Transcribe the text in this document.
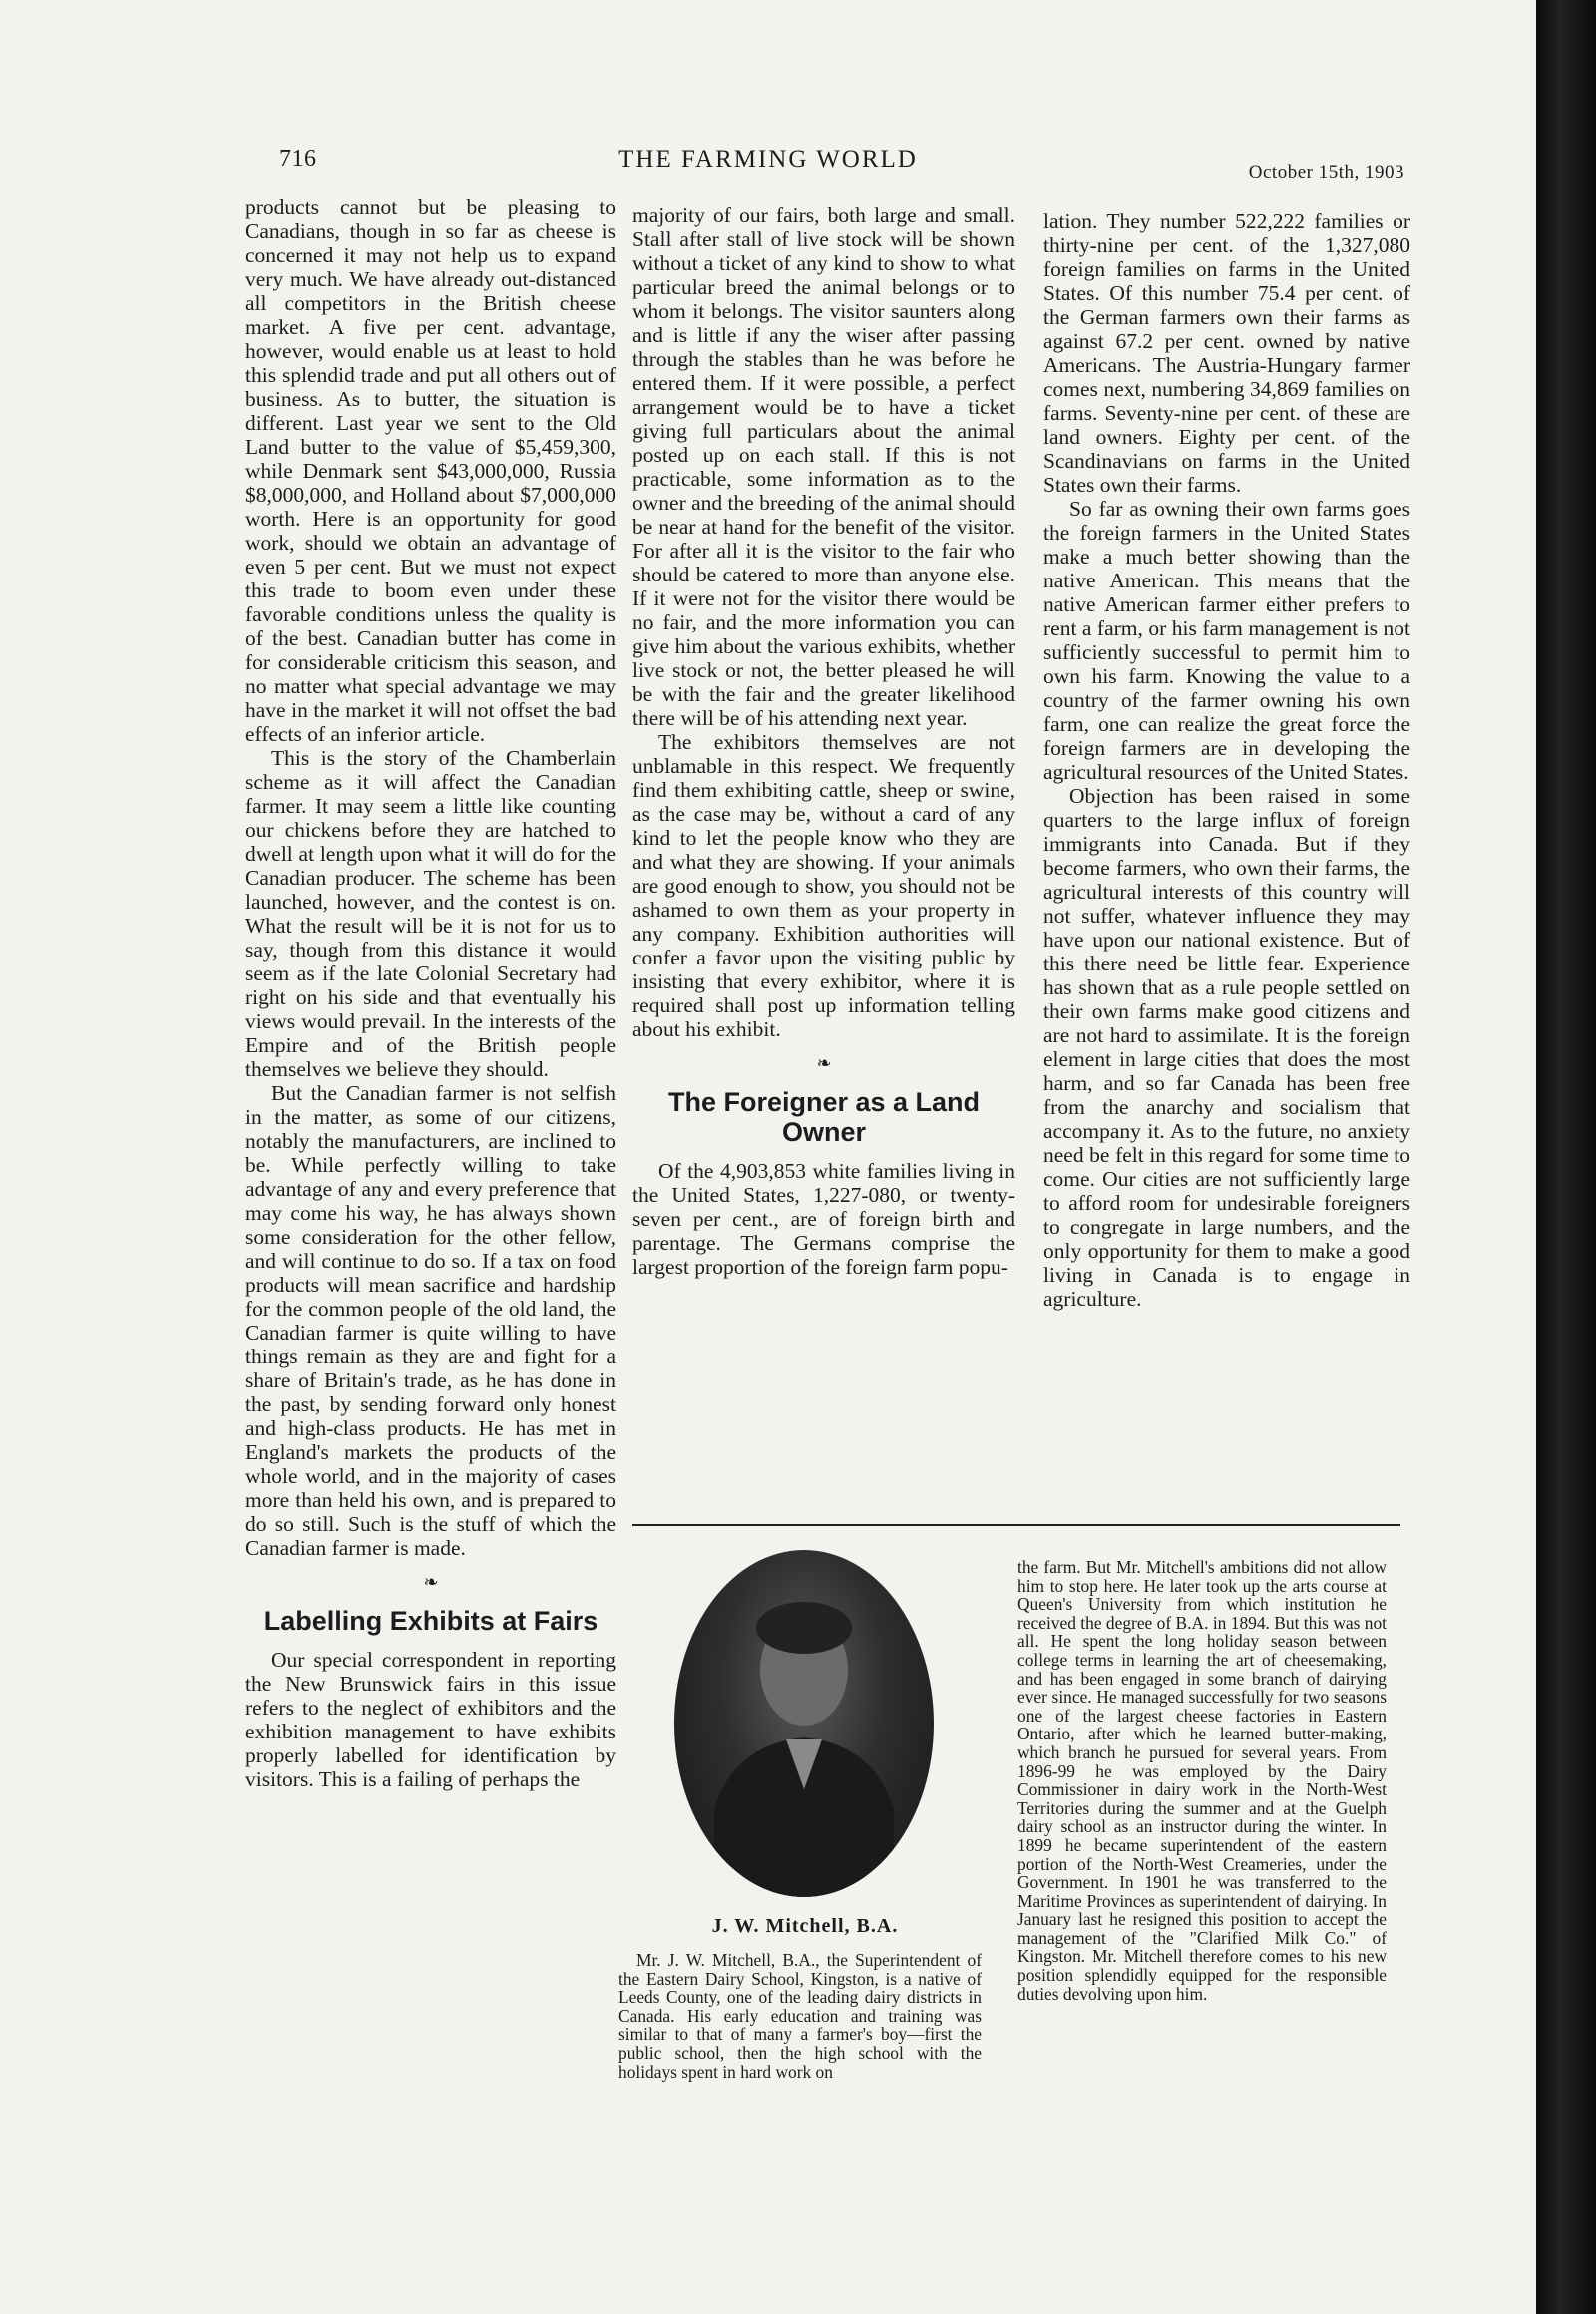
716	THE FARMING WORLD	October 15th, 1903

products cannot but be pleasing to Canadians, though in so far as cheese is concerned it may not help us to expand very much. We have already out-distanced all competitors in the British cheese market. A five per cent. advantage, however, would enable us at least to hold this splendid trade and put all others out of business. As to butter, the situation is different. Last year we sent to the Old Land butter to the value of $5,459,300, while Denmark sent $43,000,000, Russia $8,000,000, and Holland about $7,000,000 worth. Here is an opportunity for good work, should we obtain an advantage of even 5 per cent. But we must not expect this trade to boom even under these favorable conditions unless the quality is of the best. Canadian butter has come in for considerable criticism this season, and no matter what special advantage we may have in the market it will not offset the bad effects of an inferior article.

This is the story of the Chamberlain scheme as it will affect the Canadian farmer. It may seem a little like counting our chickens before they are hatched to dwell at length upon what it will do for the Canadian producer. The scheme has been launched, however, and the contest is on. What the result will be it is not for us to say, though from this distance it would seem as if the late Colonial Secretary had right on his side and that eventually his views would prevail. In the interests of the Empire and of the British people themselves we believe they should.

But the Canadian farmer is not selfish in the matter, as some of our citizens, notably the manufacturers, are inclined to be. While perfectly willing to take advantage of any and every preference that may come his way, he has always shown some consideration for the other fellow, and will continue to do so. If a tax on food products will mean sacrifice and hardship for the common people of the old land, the Canadian farmer is quite willing to have things remain as they are and fight for a share of Britain's trade, as he has done in the past, by sending forward only honest and high-class products. He has met in England's markets the products of the whole world, and in the majority of cases more than held his own, and is prepared to do so still. Such is the stuff of which the Canadian farmer is made.

❧
Labelling Exhibits at Fairs

Our special correspondent in reporting the New Brunswick fairs in this issue refers to the neglect of exhibitors and the exhibition management to have exhibits properly labelled for identification by visitors. This is a failing of perhaps the

majority of our fairs, both large and small. Stall after stall of live stock will be shown without a ticket of any kind to show to what particular breed the animal belongs or to whom it belongs. The visitor saunters along and is little if any the wiser after passing through the stables than he was before he entered them. If it were possible, a perfect arrangement would be to have a ticket giving full particulars about the animal posted up on each stall. If this is not practicable, some information as to the owner and the breeding of the animal should be near at hand for the benefit of the visitor. For after all it is the visitor to the fair who should be catered to more than anyone else. If it were not for the visitor there would be no fair, and the more information you can give him about the various exhibits, whether live stock or not, the better pleased he will be with the fair and the greater likelihood there will be of his attending next year.

The exhibitors themselves are not unblamable in this respect. We frequently find them exhibiting cattle, sheep or swine, as the case may be, without a card of any kind to let the people know who they are and what they are showing. If your animals are good enough to show, you should not be ashamed to own them as your property in any company. Exhibition authorities will confer a favor upon the visiting public by insisting that every exhibitor, where it is required shall post up information telling about his exhibit.

❧
The Foreigner as a Land Owner

Of the 4,903,853 white families living in the United States, 1,227-080, or twenty-seven per cent., are of foreign birth and parentage. The Germans comprise the largest proportion of the foreign farm popu-

lation. They number 522,222 families or thirty-nine per cent. of the 1,327,080 foreign families on farms in the United States. Of this number 75.4 per cent. of the German farmers own their farms as against 67.2 per cent. owned by native Americans. The Austria-Hungary farmer comes next, numbering 34,869 families on farms. Seventy-nine per cent. of these are land owners. Eighty per cent. of the Scandinavians on farms in the United States own their farms.

So far as owning their own farms goes the foreign farmers in the United States make a much better showing than the native American. This means that the native American farmer either prefers to rent a farm, or his farm management is not sufficiently successful to permit him to own his farm. Knowing the value to a country of the farmer owning his own farm, one can realize the great force the foreign farmers are in developing the agricultural resources of the United States.

Objection has been raised in some quarters to the large influx of foreign immigrants into Canada. But if they become farmers, who own their farms, the agricultural interests of this country will not suffer, whatever influence they may have upon our national existence. But of this there need be little fear. Experience has shown that as a rule people settled on their own farms make good citizens and are not hard to assimilate. It is the foreign element in large cities that does the most harm, and so far Canada has been free from the anarchy and socialism that accompany it. As to the future, no anxiety need be felt in this regard for some time to come. Our cities are not sufficiently large to afford room for undesirable foreigners to congregate in large numbers, and the only opportunity for them to make a good living in Canada is to engage in agriculture.

J. W. Mitchell, B.A.

Mr. J. W. Mitchell, B.A., the Superintendent of the Eastern Dairy School, Kingston, is a native of Leeds County, one of the leading dairy districts in Canada. His early education and training was similar to that of many a farmer's boy—first the public school, then the high school with the holidays spent in hard work on

the farm. But Mr. Mitchell's ambitions did not allow him to stop here. He later took up the arts course at Queen's University from which institution he received the degree of B.A. in 1894. But this was not all. He spent the long holiday season between college terms in learning the art of cheesemaking, and has been engaged in some branch of dairying ever since. He managed successfully for two seasons one of the largest cheese factories in Eastern Ontario, after which he learned butter-making, which branch he pursued for several years. From 1896-99 he was employed by the Dairy Commissioner in dairy work in the North-West Territories during the summer and at the Guelph dairy school as an instructor during the winter. In 1899 he became superintendent of the eastern portion of the North-West Creameries, under the Government. In 1901 he was transferred to the Maritime Provinces as superintendent of dairying. In January last he resigned this position to accept the management of the "Clarified Milk Co." of Kingston. Mr. Mitchell therefore comes to his new position splendidly equipped for the responsible duties devolving upon him.
